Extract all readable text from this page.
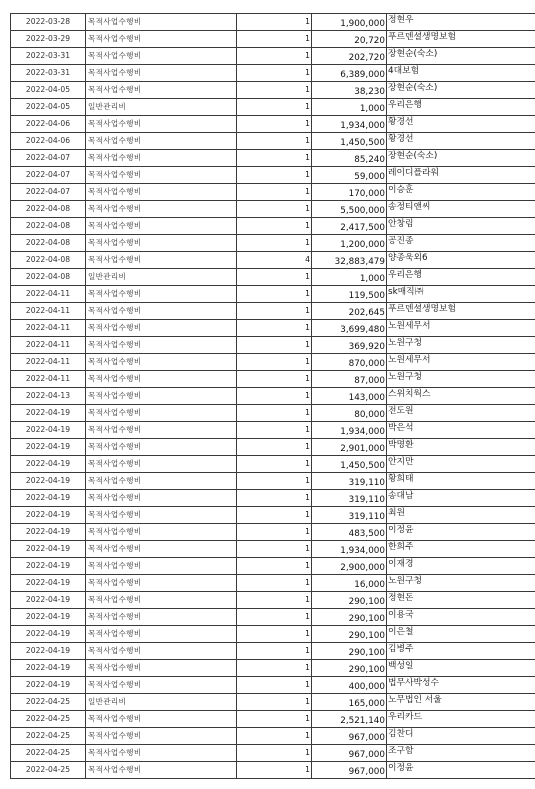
2022-03-28	목적사업수행비	1	1,900,000	정현우
2022-03-29	목적사업수행비	1	20,720	푸르덴셜생명보험
2022-03-31	목적사업수행비	1	202,720	장현순(숙소)
2022-03-31	목적사업수행비	1	6,389,000	4대보험
2022-04-05	목적사업수행비	1	38,230	장현순(숙소)
2022-04-05	일반관리비	1	1,000	우리은행
2022-04-06	목적사업수행비	1	1,934,000	황경선
2022-04-06	목적사업수행비	1	1,450,500	황경선
2022-04-07	목적사업수행비	1	85,240	장현순(숙소)
2022-04-07	목적사업수행비	1	59,000	레이디플라워
2022-04-07	목적사업수행비	1	170,000	이승훈
2022-04-08	목적사업수행비	1	5,500,000	송정티앤씨
2022-04-08	목적사업수행비	1	2,417,500	안창림
2022-04-08	목적사업수행비	1	1,200,000	공진종
2022-04-08	목적사업수행비	4	32,883,479	양종욱외6
2022-04-08	일반관리비	1	1,000	우리은행
2022-04-11	목적사업수행비	1	119,500	sk매직㈜
2022-04-11	목적사업수행비	1	202,645	푸르덴셜생명보험
2022-04-11	목적사업수행비	1	3,699,480	노원세무서
2022-04-11	목적사업수행비	1	369,920	노원구청
2022-04-11	목적사업수행비	1	870,000	노원세무서
2022-04-11	목적사업수행비	1	87,000	노원구청
2022-04-13	목적사업수행비	1	143,000	스위치웍스
2022-04-19	목적사업수행비	1	80,000	전도원
2022-04-19	목적사업수행비	1	1,934,000	박은석
2022-04-19	목적사업수행비	1	2,901,000	박명환
2022-04-19	목적사업수행비	1	1,450,500	안지만
2022-04-19	목적사업수행비	1	319,110	황희태
2022-04-19	목적사업수행비	1	319,110	송대남
2022-04-19	목적사업수행비	1	319,110	최원
2022-04-19	목적사업수행비	1	483,500	이정윤
2022-04-19	목적사업수행비	1	1,934,000	한희주
2022-04-19	목적사업수행비	1	2,900,000	이재경
2022-04-19	목적사업수행비	1	16,000	노원구청
2022-04-19	목적사업수행비	1	290,100	정현돈
2022-04-19	목적사업수행비	1	290,100	이용국
2022-04-19	목적사업수행비	1	290,100	이은철
2022-04-19	목적사업수행비	1	290,100	김병주
2022-04-19	목적사업수행비	1	290,100	백성일
2022-04-19	목적사업수행비	1	400,000	법무사박성수
2022-04-25	일반관리비	1	165,000	노무법인 서울
2022-04-25	목적사업수행비	1	2,521,140	우리카드
2022-04-25	목적사업수행비	1	967,000	김찬디
2022-04-25	목적사업수행비	1	967,000	조구함
2022-04-25	목적사업수행비	1	967,000	이정윤
